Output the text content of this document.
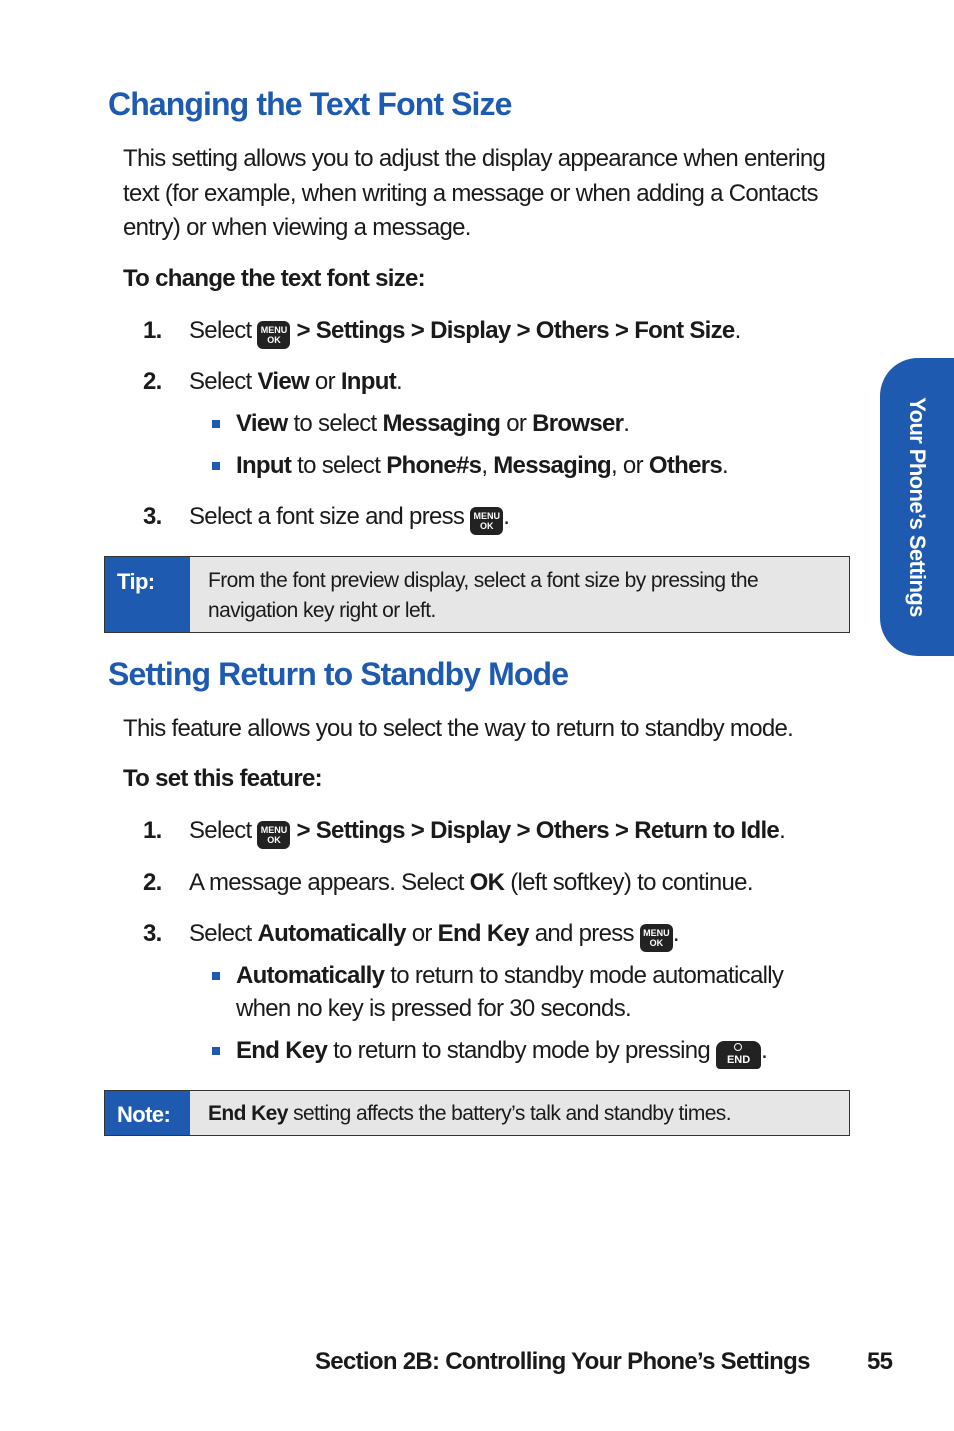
Your Phone’s Settings
Changing the Text Font Size

This setting allows you to adjust the display appearance when entering text (for example, when writing a message or when adding a Contacts entry) or when viewing a message.

To change the text font size:

1. Select MENU
OK > Settings > Display > Others > Font Size.
2. Select View or Input.
View to select Messaging or Browser.
Input to select Phone#s, Messaging, or Others.
3. Select a font size and press MENU
OK .
Tip:	From the font preview display, select a font size by pressing the navigation key right or left.
Setting Return to Standby Mode

This feature allows you to select the way to return to standby mode.

To set this feature:

1. Select MENU
OK > Settings > Display > Others > Return to Idle.
2. A message appears. Select OK (left softkey) to continue.
3. Select Automatically or End Key and press MENU
OK .
Automatically to return to standby mode automatically when no key is pressed for 30 seconds.
End Key to return to standby mode by pressing END .
Note:	End Key setting affects the battery’s talk and standby times.
Section 2B: Controlling Your Phone’s Settings 55
